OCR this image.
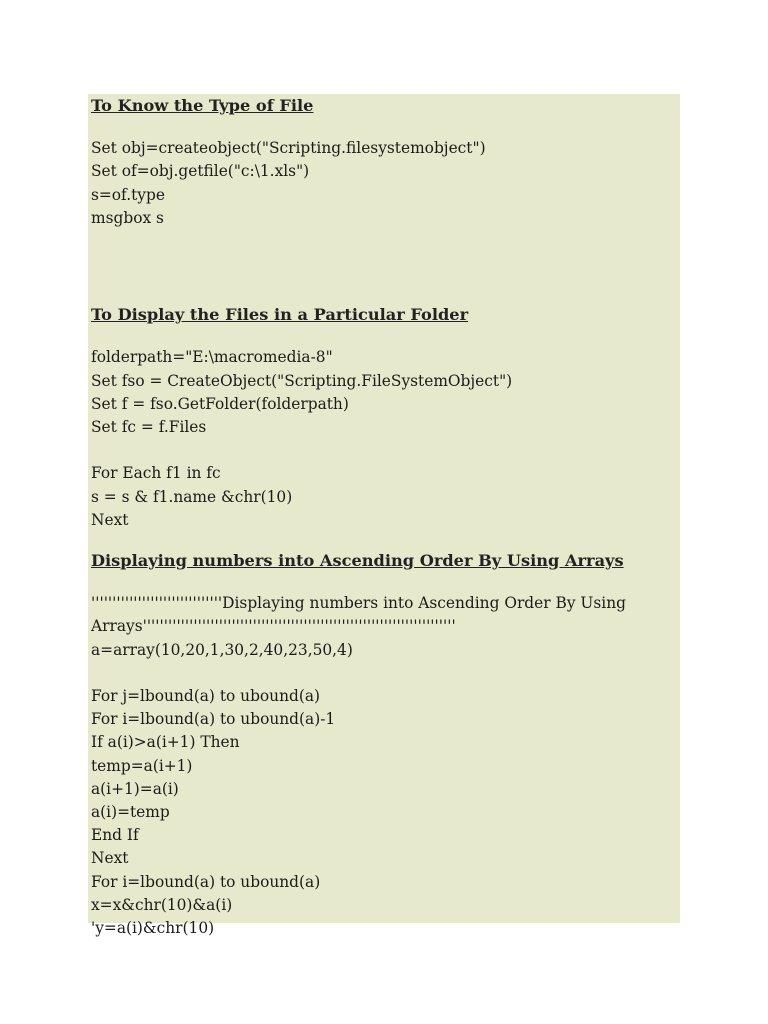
To Know the Type of File
Set obj=createobject("Scripting.filesystemobject")
Set of=obj.getfile("c:\1.xls")
s=of.type
msgbox s
To Display the Files in a Particular Folder
folderpath="E:\macromedia-8"
Set fso = CreateObject("Scripting.FileSystemObject")
Set f = fso.GetFolder(folderpath)
Set fc = f.Files
For Each f1 in fc
s = s & f1.name &chr(10)
Next
Displaying numbers into Ascending Order By Using Arrays
'''''''''''''''''''''''''''''''Displaying numbers into Ascending Order By Using
Arrays''''''''''''''''''''''''''''''''''''''''''''''''''''''''''''''''''''''''''
a=array(10,20,1,30,2,40,23,50,4)
For j=lbound(a) to ubound(a)
For i=lbound(a) to ubound(a)-1
If a(i)>a(i+1) Then
temp=a(i+1)
a(i+1)=a(i)
a(i)=temp
End If
Next
For i=lbound(a) to ubound(a)
x=x&chr(10)&a(i)
'y=a(i)&chr(10)
